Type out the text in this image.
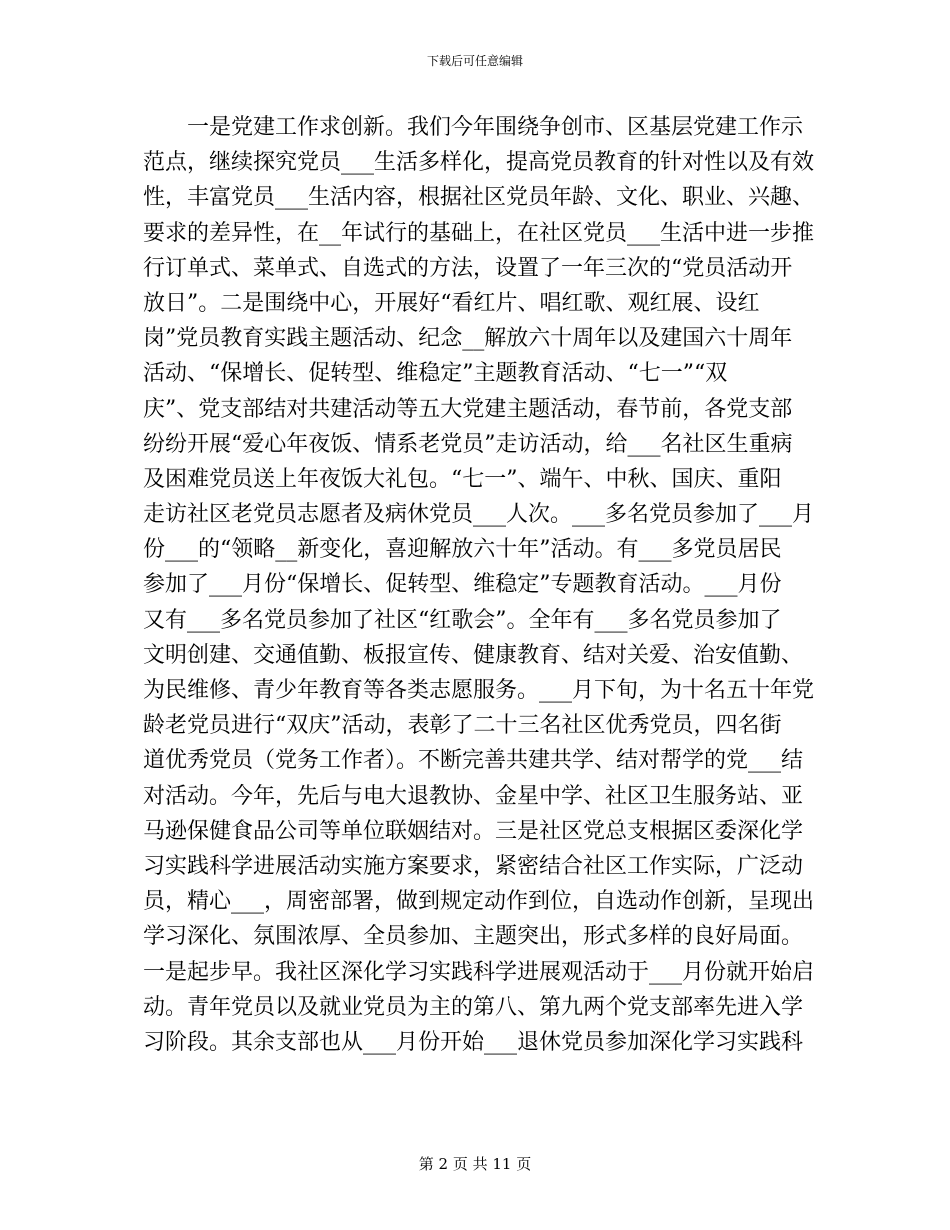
下载后可任意编辑
　　一是党建工作求创新。我们今年围绕争创市、区基层党建工作示
范点，继续探究党员___生活多样化，提高党员教育的针对性以及有效
性，丰富党员___生活内容，根据社区党员年龄、文化、职业、兴趣、
要求的差异性，在__年试行的基础上，在社区党员___生活中进一步推
行订单式、菜单式、自选式的方法，设置了一年三次的“党员活动开
放日”。二是围绕中心，开展好“看红片、唱红歌、观红展、设红
岗”党员教育实践主题活动、纪念__解放六十周年以及建国六十周年
活动、“保增长、促转型、维稳定”主题教育活动、“七一”“双
庆”、党支部结对共建活动等五大党建主题活动，春节前，各党支部
纷纷开展“爱心年夜饭、情系老党员”走访活动，给___名社区生重病
及困难党员送上年夜饭大礼包。“七一”、端午、中秋、国庆、重阳
走访社区老党员志愿者及病休党员___人次。___多名党员参加了___月
份___的“领略__新变化，喜迎解放六十年”活动。有___多党员居民
参加了___月份“保增长、促转型、维稳定”专题教育活动。___月份
又有___多名党员参加了社区“红歌会”。全年有___多名党员参加了
文明创建、交通值勤、板报宣传、健康教育、结对关爱、治安值勤、
为民维修、青少年教育等各类志愿服务。___月下旬，为十名五十年党
龄老党员进行“双庆”活动，表彰了二十三名社区优秀党员，四名街
道优秀党员（党务工作者）。不断完善共建共学、结对帮学的党___结
对活动。今年，先后与电大退教协、金星中学、社区卫生服务站、亚
马逊保健食品公司等单位联姻结对。三是社区党总支根据区委深化学
习实践科学进展活动实施方案要求，紧密结合社区工作实际，广泛动
员，精心___，周密部署，做到规定动作到位，自选动作创新，呈现出
学习深化、氛围浓厚、全员参加、主题突出，形式多样的良好局面。
一是起步早。我社区深化学习实践科学进展观活动于___月份就开始启
动。青年党员以及就业党员为主的第八、第九两个党支部率先进入学
习阶段。其余支部也从___月份开始___退休党员参加深化学习实践科
第 2 页 共 11 页
